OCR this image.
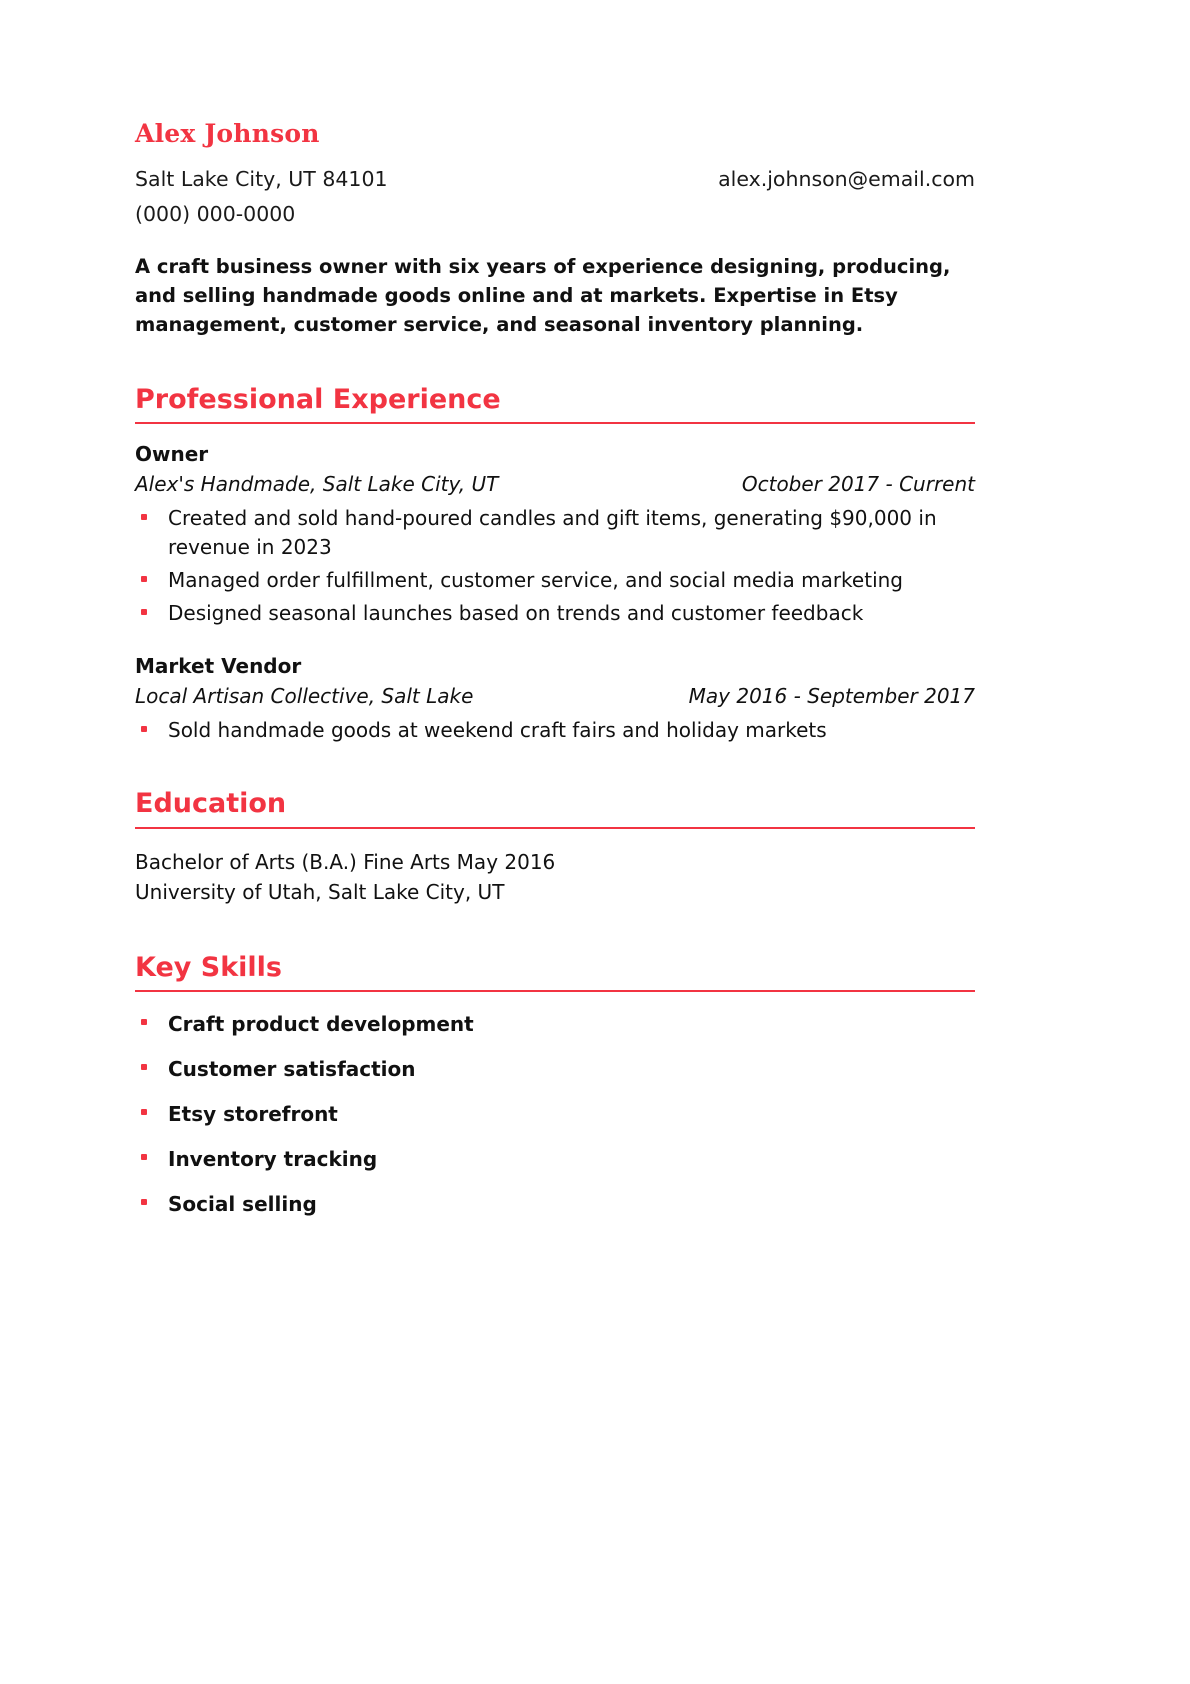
Alex Johnson
Salt Lake City, UT 84101	alex.johnson@email.com
(000) 000-0000

A craft business owner with six years of experience designing, producing, and selling handmade goods online and at markets. Expertise in Etsy management, customer service, and seasonal inventory planning.

Professional Experience
Owner
Alex's Handmade, Salt Lake City, UT	October 2017 - Current
Created and sold hand-poured candles and gift items, generating $90,000 in revenue in 2023
Managed order fulfillment, customer service, and social media marketing
Designed seasonal launches based on trends and customer feedback
Market Vendor
Local Artisan Collective, Salt Lake	May 2016 - September 2017
Sold handmade goods at weekend craft fairs and holiday markets
Education
Bachelor of Arts (B.A.) Fine Arts May 2016
University of Utah, Salt Lake City, UT
Key Skills
Craft product development
Customer satisfaction
Etsy storefront
Inventory tracking
Social selling
